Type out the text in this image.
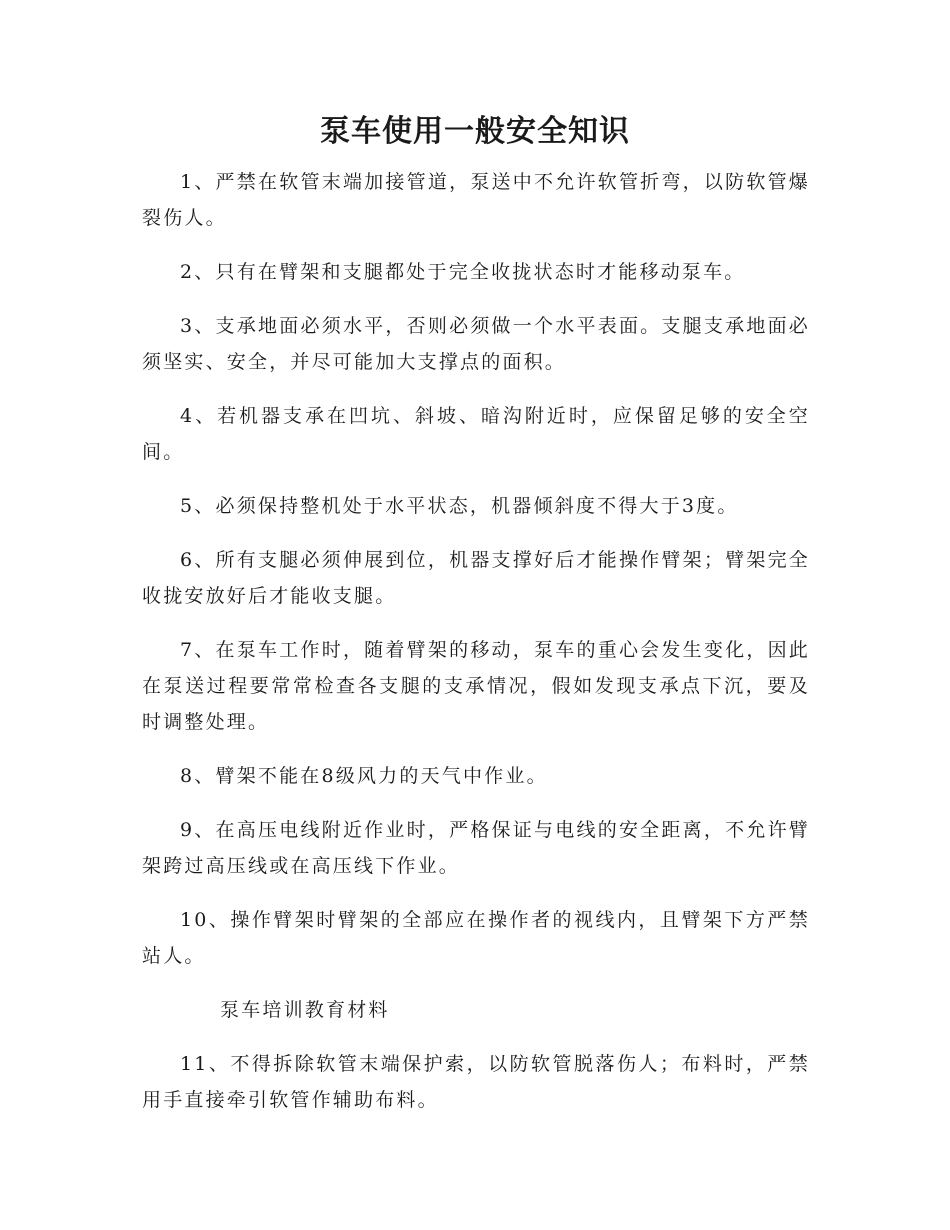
泵车使用一般安全知识

1、严禁在软管末端加接管道，泵送中不允许软管折弯，以防软管爆裂伤人。

2、只有在臂架和支腿都处于完全收拢状态时才能移动泵车。

3、支承地面必须水平，否则必须做一个水平表面。支腿支承地面必须坚实、安全，并尽可能加大支撑点的面积。

4、若机器支承在凹坑、斜坡、暗沟附近时，应保留足够的安全空间。

5、必须保持整机处于水平状态，机器倾斜度不得大于3度。

6、所有支腿必须伸展到位，机器支撑好后才能操作臂架；臂架完全收拢安放好后才能收支腿。

7、在泵车工作时，随着臂架的移动，泵车的重心会发生变化，因此在泵送过程要常常检查各支腿的支承情况，假如发现支承点下沉，要及时调整处理。

8、臂架不能在8级风力的天气中作业。

9、在高压电线附近作业时，严格保证与电线的安全距离，不允许臂架跨过高压线或在高压线下作业。

10、操作臂架时臂架的全部应在操作者的视线内，且臂架下方严禁站人。

泵车培训教育材料

11、不得拆除软管末端保护索，以防软管脱落伤人；布料时，严禁用手直接牵引软管作辅助布料。
